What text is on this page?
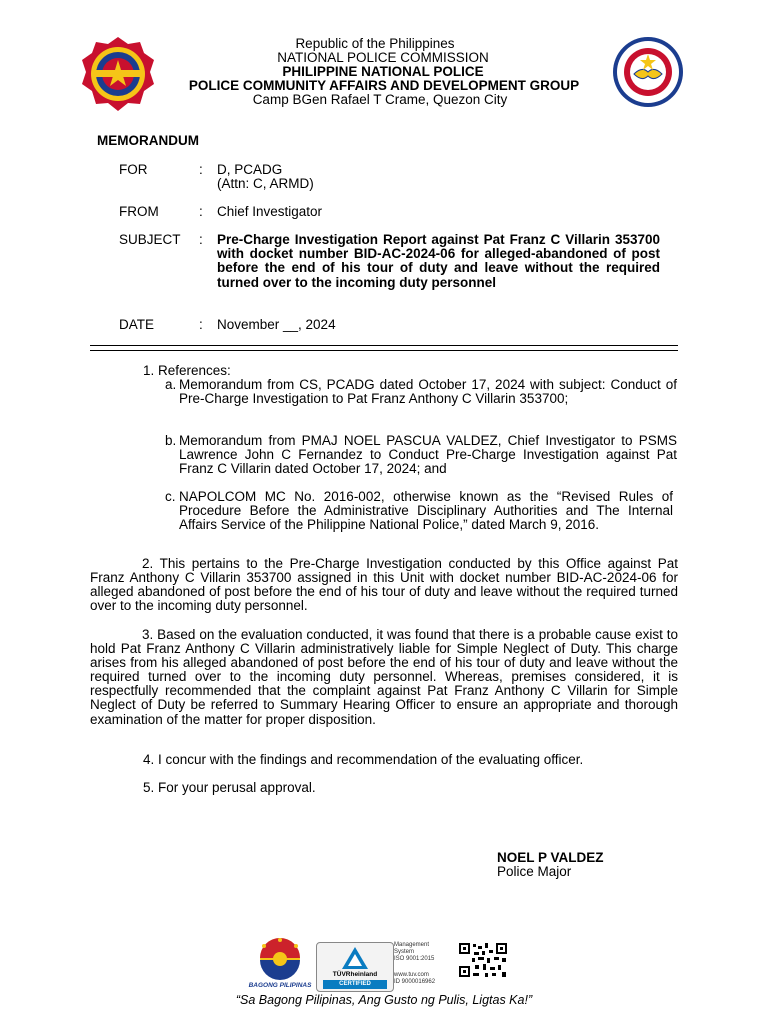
Republic of the Philippines
NATIONAL POLICE COMMISSION
PHILIPPINE NATIONAL POLICE
POLICE COMMUNITY AFFAIRS AND DEVELOPMENT GROUP
Camp BGen Rafael T Crame, Quezon City
MEMORANDUM
FOR	: D, PCADG
(Attn: C, ARMD)
FROM	: Chief Investigator
SUBJECT : Pre-Charge Investigation Report against Pat Franz C Villarin 353700 with docket number BID-AC-2024-06 for alleged-abandoned of post before the end of his tour of duty and leave without the required turned over to the incoming duty personnel
DATE	: November __, 2024
1. References:
a. Memorandum from CS, PCADG dated October 17, 2024 with subject: Conduct of Pre-Charge Investigation to Pat Franz Anthony C Villarin 353700;
b. Memorandum from PMAJ NOEL PASCUA VALDEZ, Chief Investigator to PSMS Lawrence John C Fernandez to Conduct Pre-Charge Investigation against Pat Franz C Villarin dated October 17, 2024; and
c. NAPOLCOM MC No. 2016-002, otherwise known as the “Revised Rules of Procedure Before the Administrative Disciplinary Authorities and The Internal Affairs Service of the Philippine National Police,” dated March 9, 2016.
2. This pertains to the Pre-Charge Investigation conducted by this Office against Pat Franz Anthony C Villarin 353700 assigned in this Unit with docket number BID-AC-2024-06 for alleged abandoned of post before the end of his tour of duty and leave without the required turned over to the incoming duty personnel.
3. Based on the evaluation conducted, it was found that there is a probable cause exist to hold Pat Franz Anthony C Villarin administratively liable for Simple Neglect of Duty. This charge arises from his alleged abandoned of post before the end of his tour of duty and leave without the required turned over to the incoming duty personnel. Whereas, premises considered, it is respectfully recommended that the complaint against Pat Franz Anthony C Villarin for Simple Neglect of Duty be referred to Summary Hearing Officer to ensure an appropriate and thorough examination of the matter for proper disposition.
4. I concur with the findings and recommendation of the evaluating officer.
5. For your perusal approval.
NOEL P VALDEZ
Police Major
BAGONG PILIPINAS
TÜVRheinland
CERTIFIED
Management
System
ISO 9001:2015
www.tuv.com
ID 9000016962
“Sa Bagong Pilipinas, Ang Gusto ng Pulis, Ligtas Ka!”
